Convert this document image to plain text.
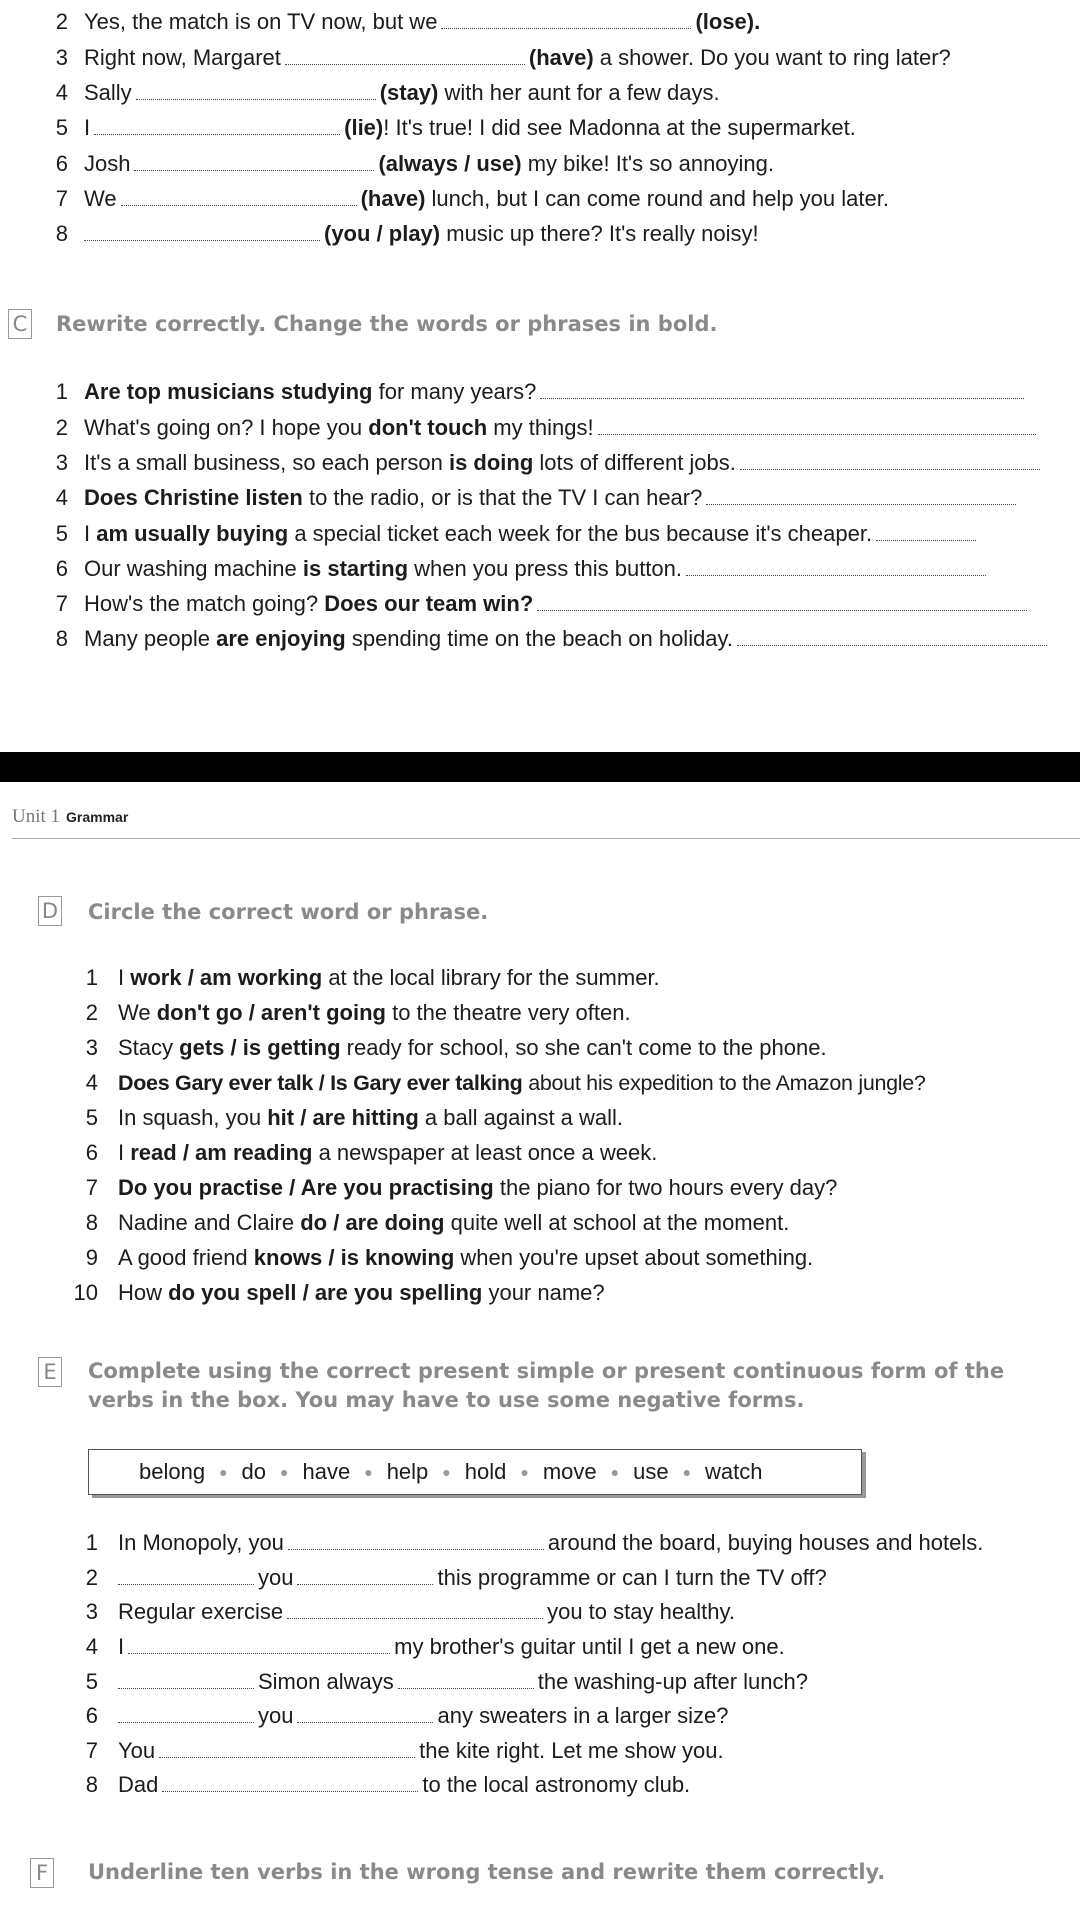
2 Yes, the match is on TV now, but we	(lose).
3 Right now, Margaret	(have) a shower. Do you want to ring later?
4 Sally	(stay) with her aunt for a few days.
5 I	(lie)! It's true! I did see Madonna at the supermarket.
6 Josh	(always / use) my bike! It's so annoying.
7 We	(have) lunch, but I can come round and help you later.
8	(you / play) music up there? It's really noisy!
C Rewrite correctly. Change the words or phrases in bold.
1 Are top musicians studying for many years?
2 What's going on? I hope you don't touch my things!
3 It's a small business, so each person is doing lots of different jobs.
4 Does Christine listen to the radio, or is that the TV I can hear?
5 I am usually buying a special ticket each week for the bus because it's cheaper.
6 Our washing machine is starting when you press this button.
7 How's the match going? Does our team win?
8 Many people are enjoying spending time on the beach on holiday.
Unit 1 Grammar
D Circle the correct word or phrase.
1 I work / am working at the local library for the summer.
2 We don't go / aren't going to the theatre very often.
3 Stacy gets / is getting ready for school, so she can't come to the phone.
4 Does Gary ever talk / Is Gary ever talking about his expedition to the Amazon jungle?
5 In squash, you hit / are hitting a ball against a wall.
6 I read / am reading a newspaper at least once a week.
7 Do you practise / Are you practising the piano for two hours every day?
8 Nadine and Claire do / are doing quite well at school at the moment.
9 A good friend knows / is knowing when you're upset about something.
10 How do you spell / are you spelling your name?
E Complete using the correct present simple or present continuous form of the
verbs in the box. You may have to use some negative forms.
belong ● do ● have ● help ● hold ● move ● use ● watch
1 In Monopoly, you	around the board, buying houses and hotels.
2	you	this programme or can I turn the TV off?
3 Regular exercise	you to stay healthy.
4 I	my brother's guitar until I get a new one.
5	Simon always	the washing-up after lunch?
6	you	any sweaters in a larger size?
7 You	the kite right. Let me show you.
8 Dad	to the local astronomy club.
F Underline ten verbs in the wrong tense and rewrite them correctly.
